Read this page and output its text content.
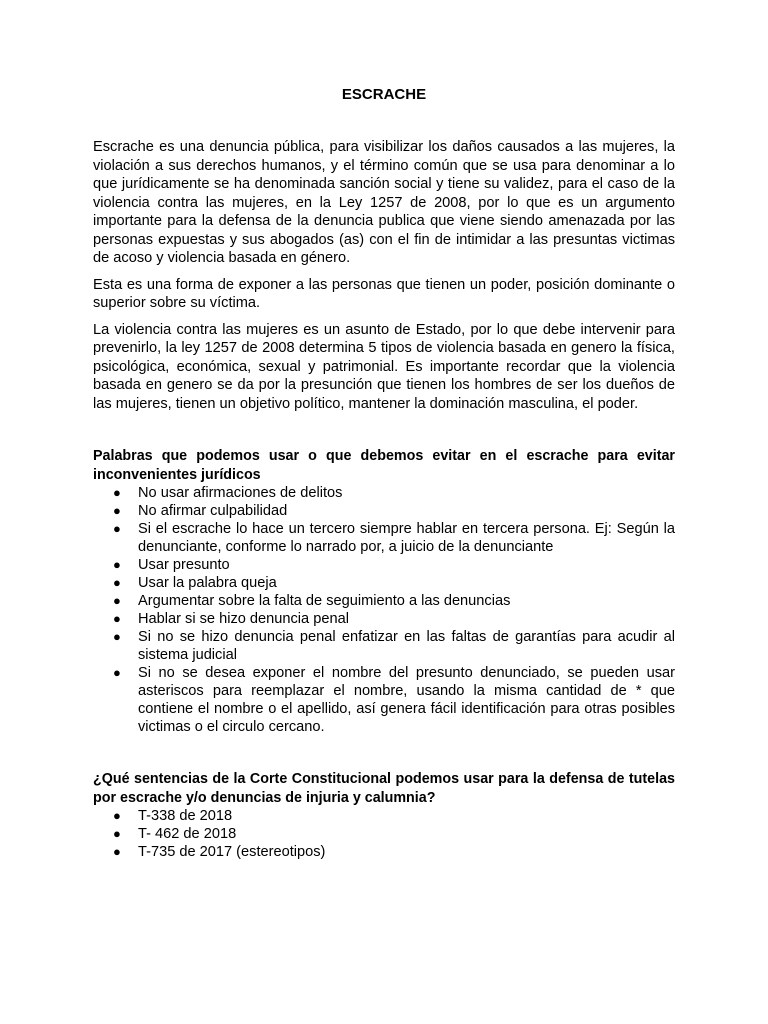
ESCRACHE

Escrache es una denuncia pública, para visibilizar los daños causados a las mujeres, la violación a sus derechos humanos, y el término común que se usa para denominar a lo que jurídicamente se ha denominada sanción social y tiene su validez, para el caso de la violencia contra las mujeres, en la Ley 1257 de 2008, por lo que es un argumento importante para la defensa de la denuncia publica que viene siendo amenazada por las personas expuestas y sus abogados (as) con el fin de intimidar a las presuntas victimas de acoso y violencia basada en género.

Esta es una forma de exponer a las personas que tienen un poder, posición dominante o superior sobre su víctima.

La violencia contra las mujeres es un asunto de Estado, por lo que debe intervenir para prevenirlo, la ley 1257 de 2008 determina 5 tipos de violencia basada en genero la física, psicológica, económica, sexual y patrimonial. Es importante recordar que la violencia basada en genero se da por la presunción que tienen los hombres de ser los dueños de las mujeres, tienen un objetivo político, mantener la dominación masculina, el poder.

Palabras que podemos usar o que debemos evitar en el escrache para evitar inconvenientes jurídicos

● No usar afirmaciones de delitos
● No afirmar culpabilidad
● Si el escrache lo hace un tercero siempre hablar en tercera persona. Ej: Según la denunciante, conforme lo narrado por, a juicio de la denunciante
● Usar presunto
● Usar la palabra queja
● Argumentar sobre la falta de seguimiento a las denuncias
● Hablar si se hizo denuncia penal
● Si no se hizo denuncia penal enfatizar en las faltas de garantías para acudir al sistema judicial
● Si no se desea exponer el nombre del presunto denunciado, se pueden usar asteriscos para reemplazar el nombre, usando la misma cantidad de * que contiene el nombre o el apellido, así genera fácil identificación para otras posibles victimas o el circulo cercano.

¿Qué sentencias de la Corte Constitucional podemos usar para la defensa de tutelas por escrache y/o denuncias de injuria y calumnia?

● T-338 de 2018
● T- 462 de 2018
● T-735 de 2017 (estereotipos)
